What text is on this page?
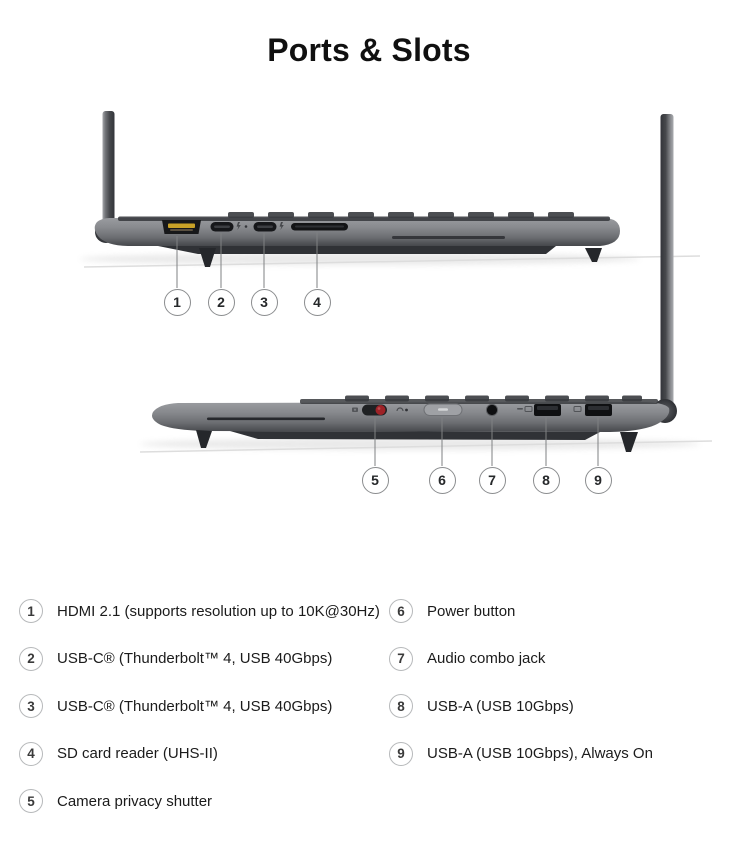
Ports & Slots
1	2	3	4
5	6	7	8	9
1	HDMI 2.1 (supports resolution up to 10K@30Hz)
2	USB-C® (Thunderbolt™ 4, USB 40Gbps)
3	USB-C® (Thunderbolt™ 4, USB 40Gbps)
4	SD card reader (UHS-II)
5	Camera privacy shutter
6	Power button
7	Audio combo jack
8	USB-A (USB 10Gbps)
9	USB-A (USB 10Gbps), Always On
